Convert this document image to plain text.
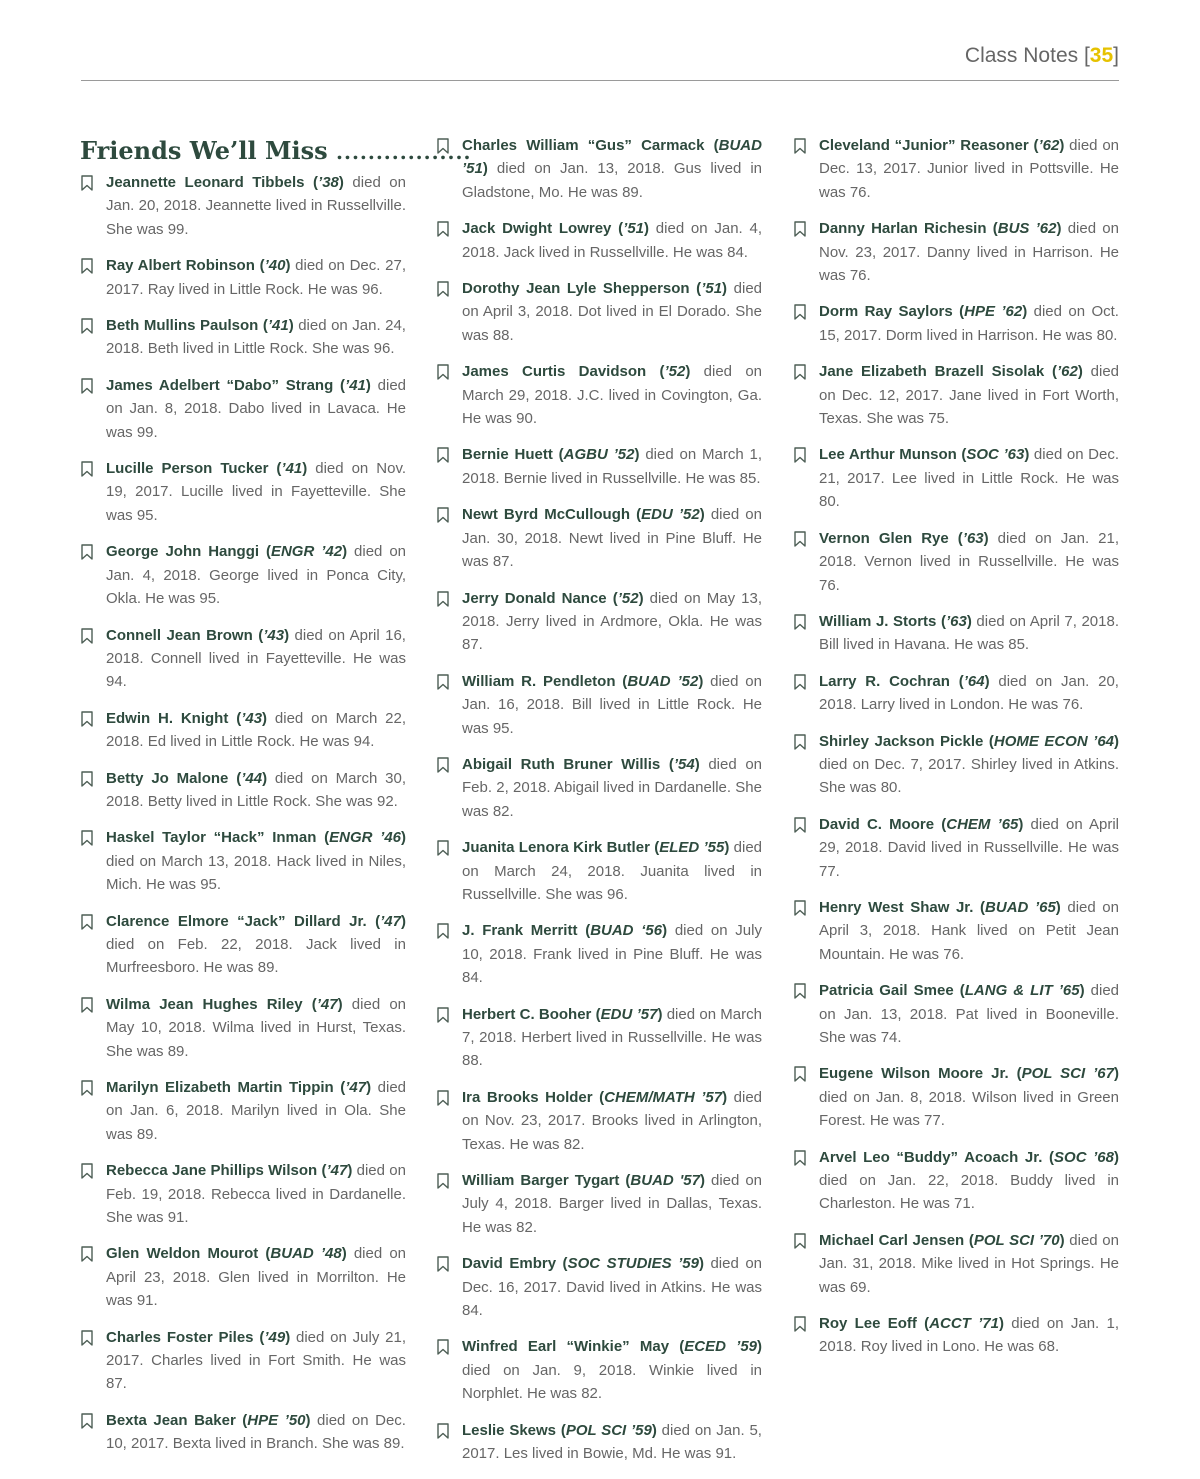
Class Notes [35]
Friends We’ll Miss .................
Jeannette Leonard Tibbels (’38) died on Jan. 20, 2018. Jeannette lived in Russellville. She was 99.
Ray Albert Robinson (’40) died on Dec. 27, 2017. Ray lived in Little Rock. He was 96.
Beth Mullins Paulson (’41) died on Jan. 24, 2018. Beth lived in Little Rock. She was 96.
James Adelbert “Dabo” Strang (’41) died on Jan. 8, 2018. Dabo lived in Lavaca. He was 99.
Lucille Person Tucker (’41) died on Nov. 19, 2017. Lucille lived in Fayetteville. She was 95.
George John Hanggi (ENGR ’42) died on Jan. 4, 2018. George lived in Ponca City, Okla. He was 95.
Connell Jean Brown (’43) died on April 16, 2018. Connell lived in Fayetteville. He was 94.
Edwin H. Knight (’43) died on March 22, 2018. Ed lived in Little Rock. He was 94.
Betty Jo Malone (’44) died on March 30, 2018. Betty lived in Little Rock. She was 92.
Haskel Taylor “Hack” Inman (ENGR ’46) died on March 13, 2018. Hack lived in Niles, Mich. He was 95.
Clarence Elmore “Jack” Dillard Jr. (’47) died on Feb. 22, 2018. Jack lived in Murfreesboro. He was 89.
Wilma Jean Hughes Riley (’47) died on May 10, 2018. Wilma lived in Hurst, Texas. She was 89.
Marilyn Elizabeth Martin Tippin (’47) died on Jan. 6, 2018. Marilyn lived in Ola. She was 89.
Rebecca Jane Phillips Wilson (’47) died on Feb. 19, 2018. Rebecca lived in Dardanelle. She was 91.
Glen Weldon Mourot (BUAD ’48) died on April 23, 2018. Glen lived in Morrilton. He was 91.
Charles Foster Piles (’49) died on July 21, 2017. Charles lived in Fort Smith. He was 87.
Bexta Jean Baker (HPE ’50) died on Dec. 10, 2017. Bexta lived in Branch. She was 89.
Charles William “Gus” Carmack (BUAD ’51) died on Jan. 13, 2018. Gus lived in Gladstone, Mo. He was 89.
Jack Dwight Lowrey (’51) died on Jan. 4, 2018. Jack lived in Russellville. He was 84.
Dorothy Jean Lyle Shepperson (’51) died on April 3, 2018. Dot lived in El Dorado. She was 88.
James Curtis Davidson (’52) died on March 29, 2018. J.C. lived in Covington, Ga. He was 90.
Bernie Huett (AGBU ’52) died on March 1, 2018. Bernie lived in Russellville. He was 85.
Newt Byrd McCullough (EDU ’52) died on Jan. 30, 2018. Newt lived in Pine Bluff. He was 87.
Jerry Donald Nance (’52) died on May 13, 2018. Jerry lived in Ardmore, Okla. He was 87.
William R. Pendleton (BUAD ’52) died on Jan. 16, 2018. Bill lived in Little Rock. He was 95.
Abigail Ruth Bruner Willis (’54) died on Feb. 2, 2018. Abigail lived in Dardanelle. She was 82.
Juanita Lenora Kirk Butler (ELED ’55) died on March 24, 2018. Juanita lived in Russellville. She was 96.
J. Frank Merritt (BUAD ‘56) died on July 10, 2018. Frank lived in Pine Bluff. He was 84.
Herbert C. Booher (EDU ’57) died on March 7, 2018. Herbert lived in Russellville. He was 88.
Ira Brooks Holder (CHEM/MATH ’57) died on Nov. 23, 2017. Brooks lived in Arlington, Texas. He was 82.
William Barger Tygart (BUAD '57) died on July 4, 2018. Barger lived in Dallas, Texas. He was 82.
David Embry (SOC STUDIES ’59) died on Dec. 16, 2017. David lived in Atkins. He was 84.
Winfred Earl “Winkie” May (ECED ’59) died on Jan. 9, 2018. Winkie lived in Norphlet. He was 82.
Leslie Skews (POL SCI ’59) died on Jan. 5, 2017. Les lived in Bowie, Md. He was 91.
Cleveland “Junior” Reasoner (’62) died on Dec. 13, 2017. Junior lived in Pottsville. He was 76.
Danny Harlan Richesin (BUS ’62) died on Nov. 23, 2017. Danny lived in Harrison. He was 76.
Dorm Ray Saylors (HPE ’62) died on Oct. 15, 2017. Dorm lived in Harrison. He was 80.
Jane Elizabeth Brazell Sisolak (’62) died on Dec. 12, 2017. Jane lived in Fort Worth, Texas. She was 75.
Lee Arthur Munson (SOC ’63) died on Dec. 21, 2017. Lee lived in Little Rock. He was 80.
Vernon Glen Rye (’63) died on Jan. 21, 2018. Vernon lived in Russellville. He was 76.
William J. Storts (’63) died on April 7, 2018. Bill lived in Havana. He was 85.
Larry R. Cochran (’64) died on Jan. 20, 2018. Larry lived in London. He was 76.
Shirley Jackson Pickle (HOME ECON ’64) died on Dec. 7, 2017. Shirley lived in Atkins. She was 80.
David C. Moore (CHEM ’65) died on April 29, 2018. David lived in Russellville. He was 77.
Henry West Shaw Jr. (BUAD ’65) died on April 3, 2018. Hank lived on Petit Jean Mountain. He was 76.
Patricia Gail Smee (LANG & LIT ’65) died on Jan. 13, 2018. Pat lived in Booneville. She was 74.
Eugene Wilson Moore Jr. (POL SCI ’67) died on Jan. 8, 2018. Wilson lived in Green Forest. He was 77.
Arvel Leo “Buddy” Acoach Jr. (SOC ’68) died on Jan. 22, 2018. Buddy lived in Charleston. He was 71.
Michael Carl Jensen (POL SCI ’70) died on Jan. 31, 2018. Mike lived in Hot Springs. He was 69.
Roy Lee Eoff (ACCT ’71) died on Jan. 1, 2018. Roy lived in Lono. He was 68.
